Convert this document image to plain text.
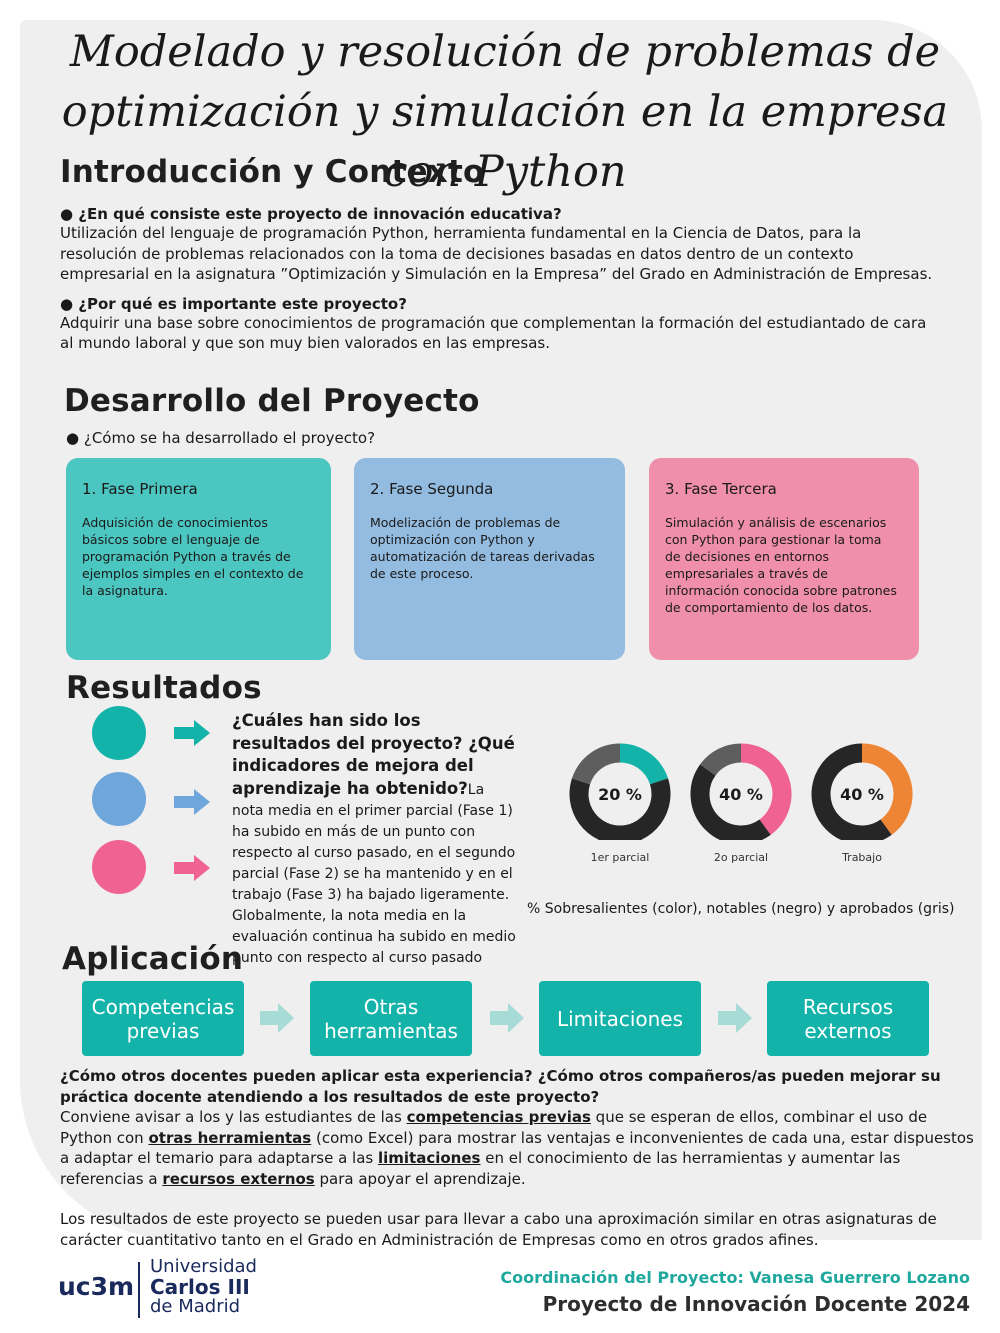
Modelado y resolución de problemas de optimización y simulación en la empresa con Python
Introducción y Contexto
● ¿En qué consiste este proyecto de innovación educativa?
Utilización del lenguaje de programación Python, herramienta fundamental en la Ciencia de Datos, para la resolución de problemas relacionados con la toma de decisiones basadas en datos dentro de un contexto empresarial en la asignatura ”Optimización y Simulación en la Empresa” del Grado en Administración de Empresas.
● ¿Por qué es importante este proyecto?
Adquirir una base sobre conocimientos de programación que complementan la formación del estudiantado de cara al mundo laboral y que son muy bien valorados en las empresas.
Desarrollo del Proyecto
● ¿Cómo se ha desarrollado el proyecto?
1. Fase Primera
Adquisición de conocimientos básicos sobre el lenguaje de programación Python a través de ejemplos simples en el contexto de la asignatura.
2. Fase Segunda
Modelización de problemas de optimización con Python y automatización de tareas derivadas de este proceso.
3. Fase Tercera
Simulación y análisis de escenarios con Python para gestionar la toma de decisiones en entornos empresariales a través de información conocida sobre patrones de comportamiento de los datos.
Resultados
¿Cuáles han sido los resultados del proyecto? ¿Qué indicadores de mejora del aprendizaje ha obtenido?La nota media en el primer parcial (Fase 1) ha subido en más de un punto con respecto al curso pasado, en el segundo parcial (Fase 2) se ha mantenido y en el trabajo (Fase 3) ha bajado ligeramente. Globalmente, la nota media en la evaluación continua ha subido en medio punto con respecto al curso pasado
20 %	40 %	40 %
1er parcial	2o parcial	Trabajo
% Sobresalientes (color), notables (negro) y aprobados (gris)
Aplicación
Competencias previas
Otras herramientas	Limitaciones	Recursos externos
¿Cómo otros docentes pueden aplicar esta experiencia? ¿Cómo otros compañeros/as pueden mejorar su práctica docente atendiendo a los resultados de este proyecto?
Conviene avisar a los y las estudiantes de las competencias previas que se esperan de ellos, combinar el uso de Python con otras herramientas (como Excel) para mostrar las ventajas e inconvenientes de cada una, estar dispuestos a adaptar el temario para adaptarse a las limitaciones en el conocimiento de las herramientas y aumentar las referencias a recursos externos para apoyar el aprendizaje.
Los resultados de este proyecto se pueden usar para llevar a cabo una aproximación similar en otras asignaturas de carácter cuantitativo tanto en el Grado en Administración de Empresas como en otros grados afines.
uc3m
Universidad
Carlos III
de Madrid
Coordinación del Proyecto: Vanesa Guerrero Lozano
Proyecto de Innovación Docente 2024
